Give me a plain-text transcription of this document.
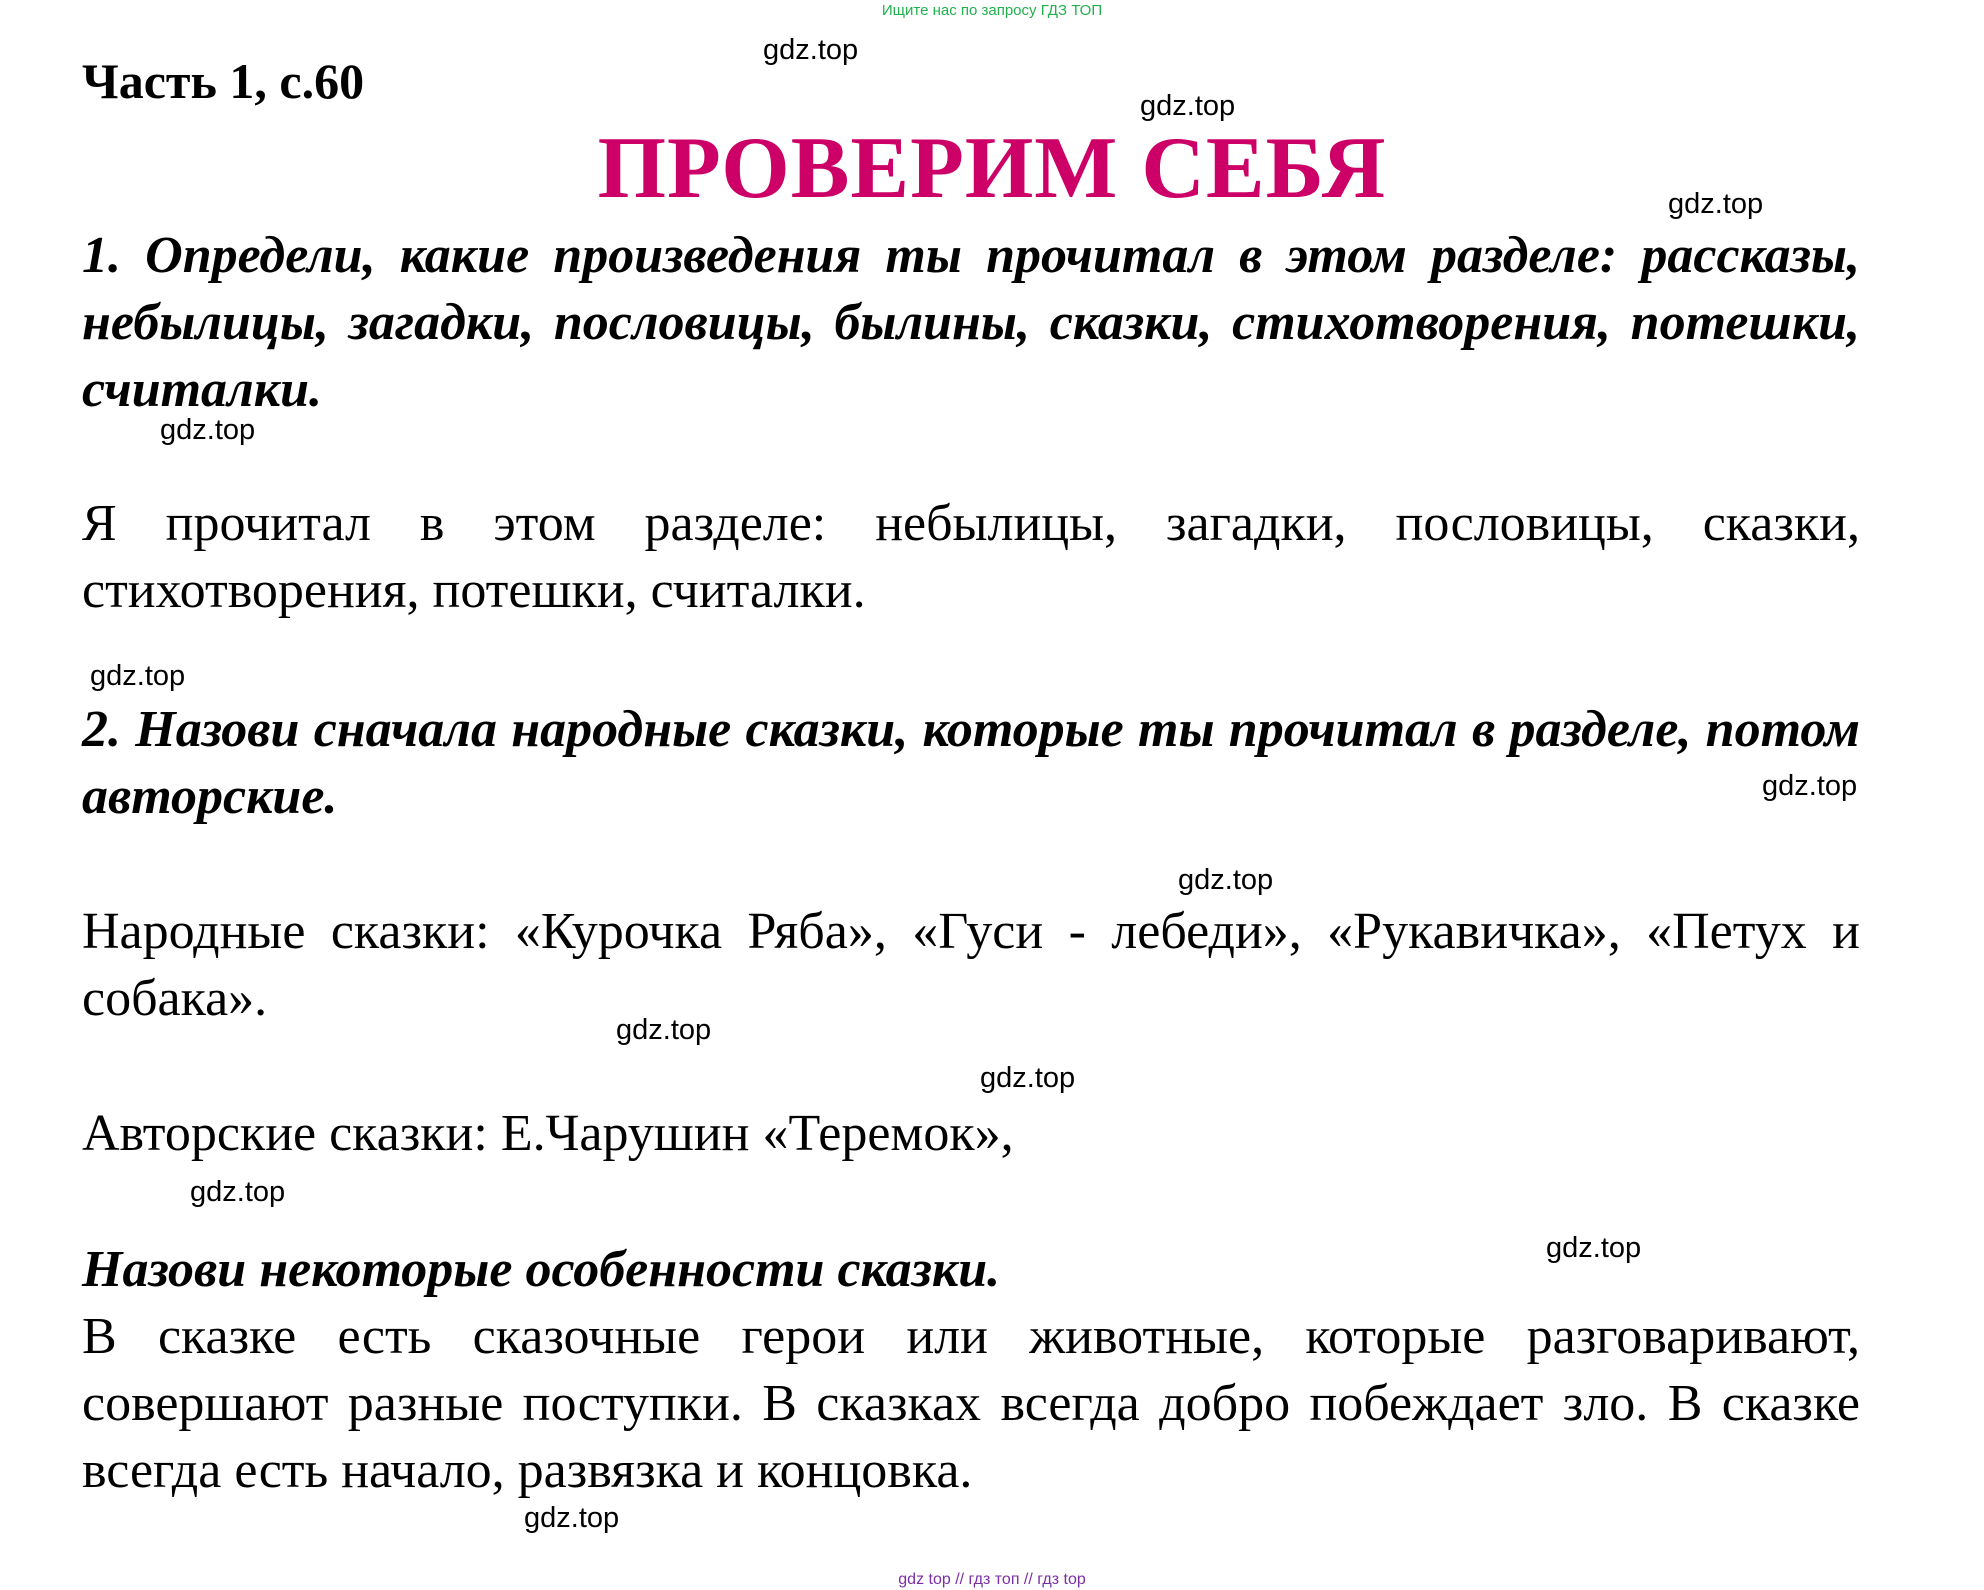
Ищите нас по запросу ГДЗ ТОП

Часть 1, с.60

ПРОВЕРИМ СЕБЯ
gdz.top
gdz.top
gdz.top
gdz.top
gdz.top
gdz.top
gdz.top
gdz.top
gdz.top
gdz.top
gdz.top
gdz.top

1. Определи, какие произведения ты прочитал в этом разделе: рассказы, небылицы, загадки, пословицы, былины, сказки, стихотворения, потешки, считалки.

Я прочитал в этом разделе: небылицы, загадки, пословицы, сказки, стихотворения, потешки, считалки.

2. Назови сначала народные сказки, которые ты прочитал в разделе, потом авторские.

Народные сказки: «Курочка Ряба», «Гуси - лебеди», «Рукавичка», «Петух и собака».

Авторские сказки: Е.Чарушин «Теремок»,

Назови некоторые особенности сказки.

В сказке есть сказочные герои или животные, которые разговаривают, совершают разные поступки. В сказках всегда добро побеждает зло. В сказке всегда есть начало, развязка и концовка.

gdz top // гдз топ // гдз top
